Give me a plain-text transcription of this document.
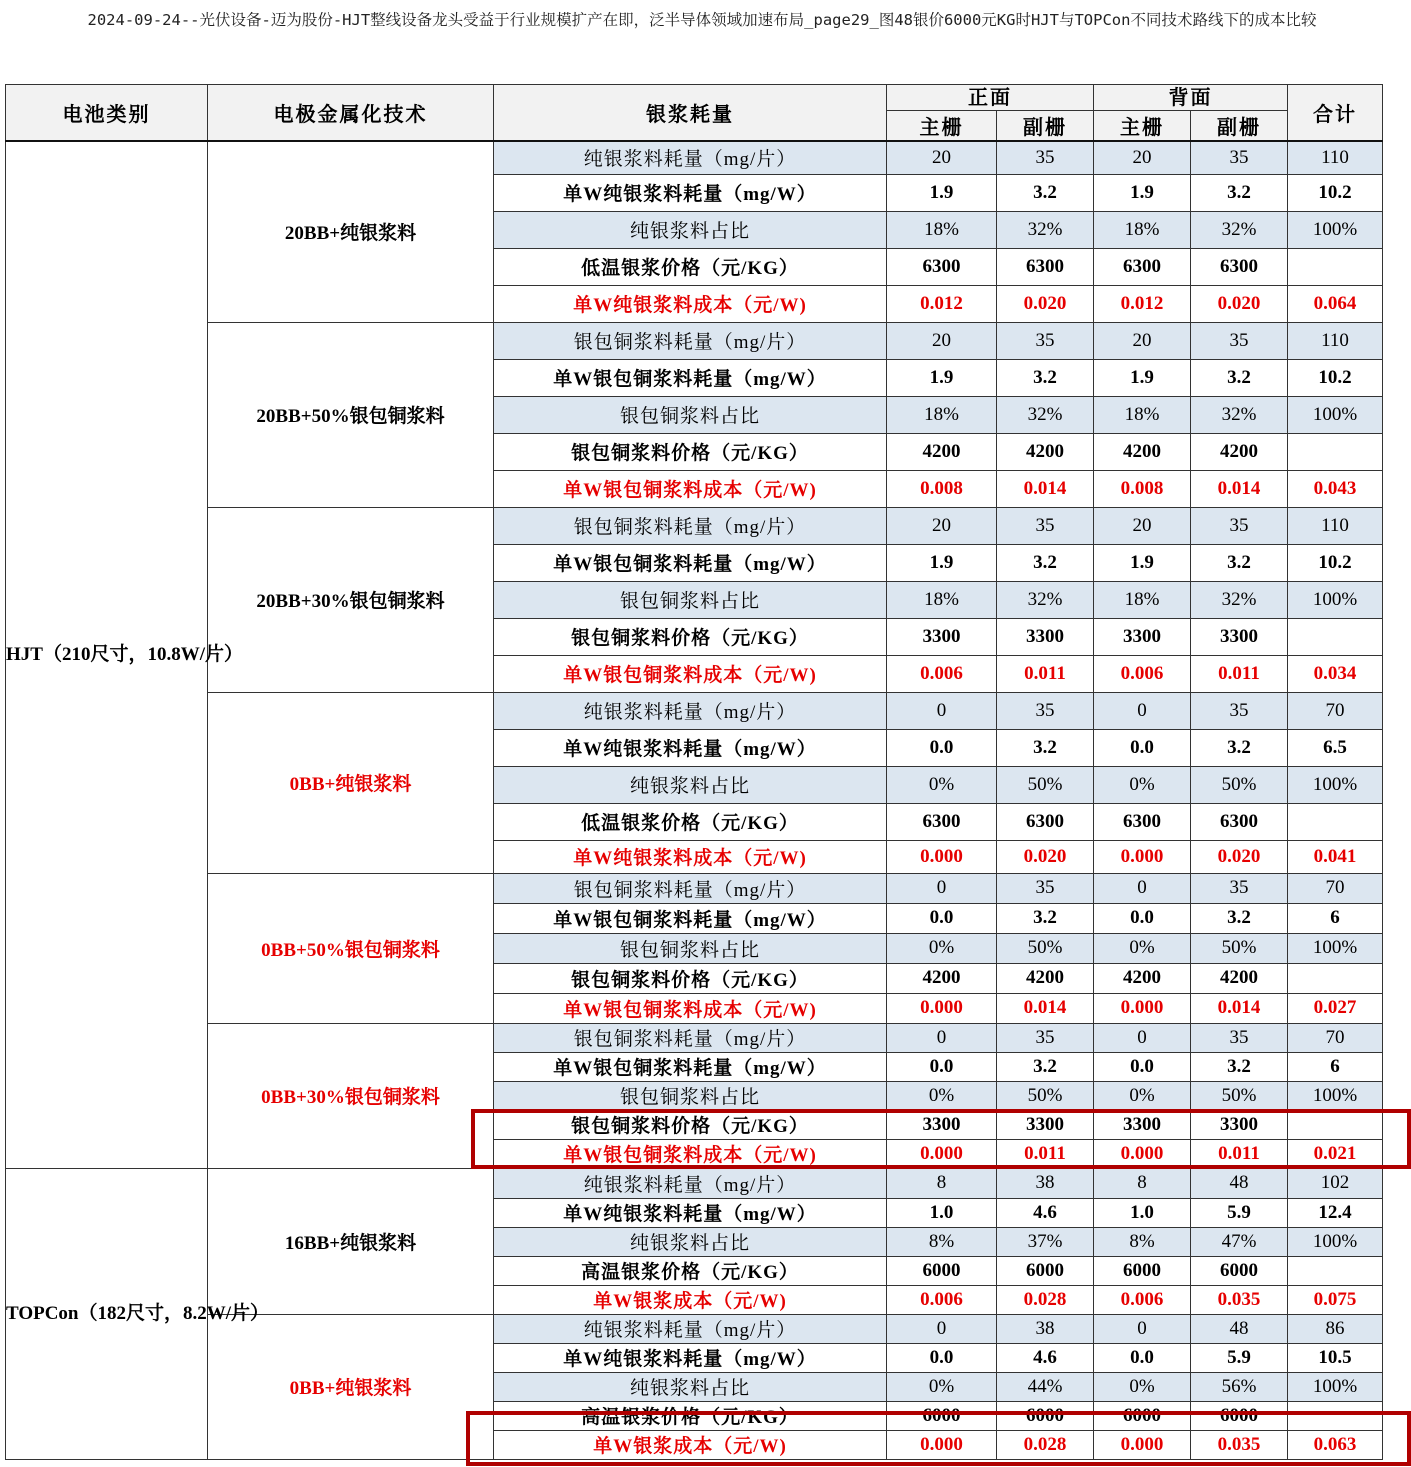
2024-09-24--光伏设备-迈为股份-HJT整线设备龙头受益于行业规模扩产在即，泛半导体领域加速布局_page29_图48银价6000元KG时HJT与TOPCon不同技术路线下的成本比较
电池类别	电极金属化技术	银浆耗量	正面		背面		合计
			主栅	副栅	主栅	副栅	
HJT（210尺寸，10.8W/片）	20BB+纯银浆料	纯银浆料耗量（mg/片）	20	35	20	35	110
		单W纯银浆料耗量（mg/W）	1.9	3.2	1.9	3.2	10.2
		纯银浆料占比	18%	32%	18%	32%	100%
		低温银浆价格（元/KG）	6300	6300	6300	6300	
		单W纯银浆料成本（元/W)	0.012	0.020	0.012	0.020	0.064
	20BB+50%银包铜浆料	银包铜浆料耗量（mg/片）	20	35	20	35	110
		单W银包铜浆料耗量（mg/W）	1.9	3.2	1.9	3.2	10.2
		银包铜浆料占比	18%	32%	18%	32%	100%
		银包铜浆料价格（元/KG）	4200	4200	4200	4200	
		单W银包铜浆料成本（元/W)	0.008	0.014	0.008	0.014	0.043
	20BB+30%银包铜浆料	银包铜浆料耗量（mg/片）	20	35	20	35	110
		单W银包铜浆料耗量（mg/W）	1.9	3.2	1.9	3.2	10.2
		银包铜浆料占比	18%	32%	18%	32%	100%
		银包铜浆料价格（元/KG）	3300	3300	3300	3300	
		单W银包铜浆料成本（元/W)	0.006	0.011	0.006	0.011	0.034
	0BB+纯银浆料	纯银浆料耗量（mg/片）	0	35	0	35	70
		单W纯银浆料耗量（mg/W）	0.0	3.2	0.0	3.2	6.5
		纯银浆料占比	0%	50%	0%	50%	100%
		低温银浆价格（元/KG）	6300	6300	6300	6300	
		单W纯银浆料成本（元/W)	0.000	0.020	0.000	0.020	0.041
	0BB+50%银包铜浆料	银包铜浆料耗量（mg/片）	0	35	0	35	70
		单W银包铜浆料耗量（mg/W）	0.0	3.2	0.0	3.2	6
		银包铜浆料占比	0%	50%	0%	50%	100%
		银包铜浆料价格（元/KG）	4200	4200	4200	4200	
		单W银包铜浆料成本（元/W)	0.000	0.014	0.000	0.014	0.027
	0BB+30%银包铜浆料	银包铜浆料耗量（mg/片）	0	35	0	35	70
		单W银包铜浆料耗量（mg/W）	0.0	3.2	0.0	3.2	6
		银包铜浆料占比	0%	50%	0%	50%	100%
		银包铜浆料价格（元/KG）	3300	3300	3300	3300	
		单W银包铜浆料成本（元/W)	0.000	0.011	0.000	0.011	0.021
TOPCon（182尺寸，8.2W/片）	16BB+纯银浆料	纯银浆料耗量（mg/片）	8	38	8	48	102
		单W纯银浆料耗量（mg/W）	1.0	4.6	1.0	5.9	12.4
		纯银浆料占比	8%	37%	8%	47%	100%
		高温银浆价格（元/KG）	6000	6000	6000	6000	
		单W银浆成本（元/W)	0.006	0.028	0.006	0.035	0.075
	0BB+纯银浆料	纯银浆料耗量（mg/片）	0	38	0	48	86
		单W纯银浆料耗量（mg/W）	0.0	4.6	0.0	5.9	10.5
		纯银浆料占比	0%	44%	0%	56%	100%
		高温银浆价格（元/KG）	6000	6000	6000	6000	
		单W银浆成本（元/W)	0.000	0.028	0.000	0.035	0.063
